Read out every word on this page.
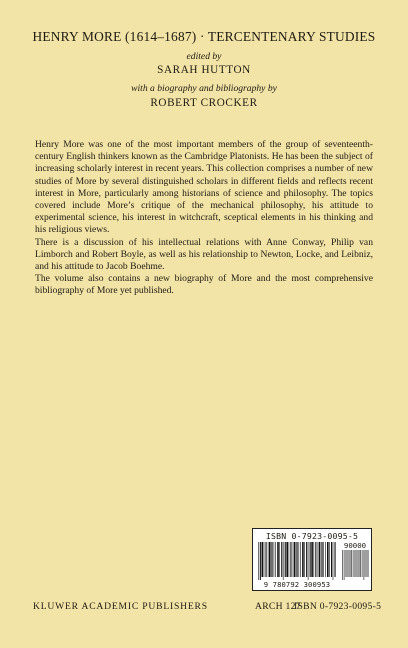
HENRY MORE (1614–1687) · TERCENTENARY STUDIES
edited by
SARAH HUTTON
with a biography and bibliography by
ROBERT CROCKER

Henry More was one of the most important members of the group of seventeenth-century English thinkers known as the Cambridge Platonists. He has been the subject of increasing scholarly interest in recent years. This collection comprises a number of new studies of More by several distinguished scholars in different fields and reflects recent interest in More, particularly among historians of science and philosophy. The topics covered include More’s critique of the mechanical philosophy, his attitude to experimental science, his interest in witchcraft, sceptical elements in his thinking and his religious views.

There is a discussion of his intellectual relations with Anne Conway, Philip van Limborch and Robert Boyle, as well as his relationship to Newton, Locke, and Leibniz, and his attitude to Jacob Boehme.

The volume also contains a new biography of More and the most comprehensive bibliography of More yet published.

ISBN 0-7923-0095-5
90000
9 780792 300953
KLUWER ACADEMIC PUBLISHERS	ARCH 127
ISBN 0-7923-0095-5
